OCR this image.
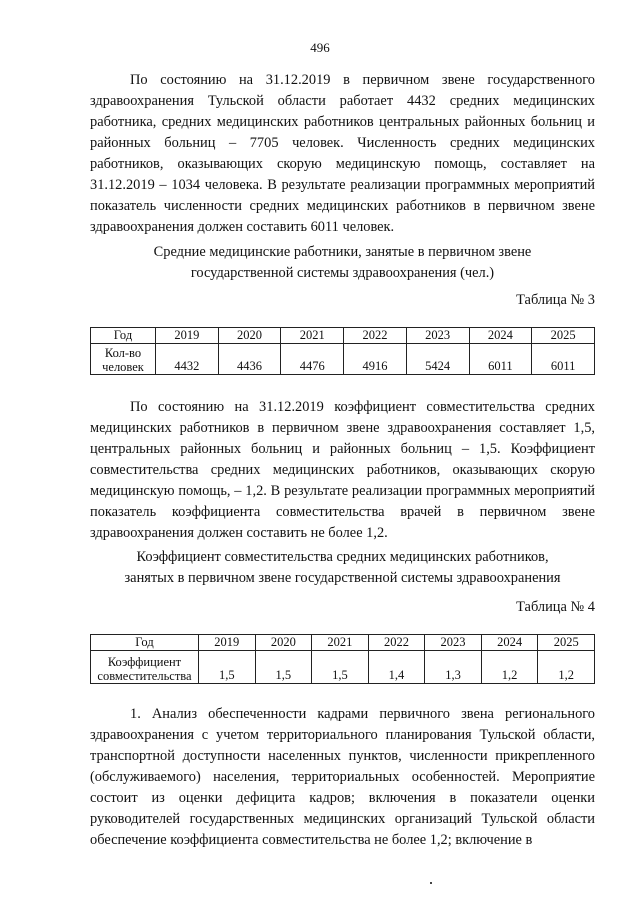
496

По состоянию на 31.12.2019 в первичном звене государственного здравоохранения Тульской области работает 4432 средних медицинских работника, средних медицинских работников центральных районных больниц и районных больниц – 7705 человек. Численность средних медицинских работников, оказывающих скорую медицинскую помощь, составляет на 31.12.2019 – 1034 человека. В результате реализации программных мероприятий показатель численности средних медицинских работников в первичном звене здравоохранения должен составить 6011 человек.

Средние медицинские работники, занятые в первичном звене
государственной системы здравоохранения (чел.)

Таблица № 3
Год	2019	2020	2021	2022	2023	2024	2025
Кол-во
человек	4432	4436	4476	4916	5424	6011	6011

По состоянию на 31.12.2019 коэффициент совместительства средних медицинских работников в первичном звене здравоохранения составляет 1,5, центральных районных больниц и районных больниц – 1,5. Коэффициент совместительства средних медицинских работников, оказывающих скорую медицинскую помощь, – 1,2. В результате реализации программных мероприятий показатель коэффициента совместительства врачей в первичном звене здравоохранения должен составить не более 1,2.

Коэффициент совместительства средних медицинских работников,
занятых в первичном звене государственной системы здравоохранения

Таблица № 4
Год	2019	2020	2021	2022	2023	2024	2025
Коэффициент
совместительства	1,5	1,5	1,5	1,4	1,3	1,2	1,2

1. Анализ обеспеченности кадрами первичного звена регионального здравоохранения с учетом территориального планирования Тульской области, транспортной доступности населенных пунктов, численности прикрепленного (обслуживаемого) населения, территориальных особенностей. Мероприятие состоит из оценки дефицита кадров; включения в показатели оценки руководителей государственных медицинских организаций Тульской области обеспечение коэффициента совместительства не более 1,2; включение в
